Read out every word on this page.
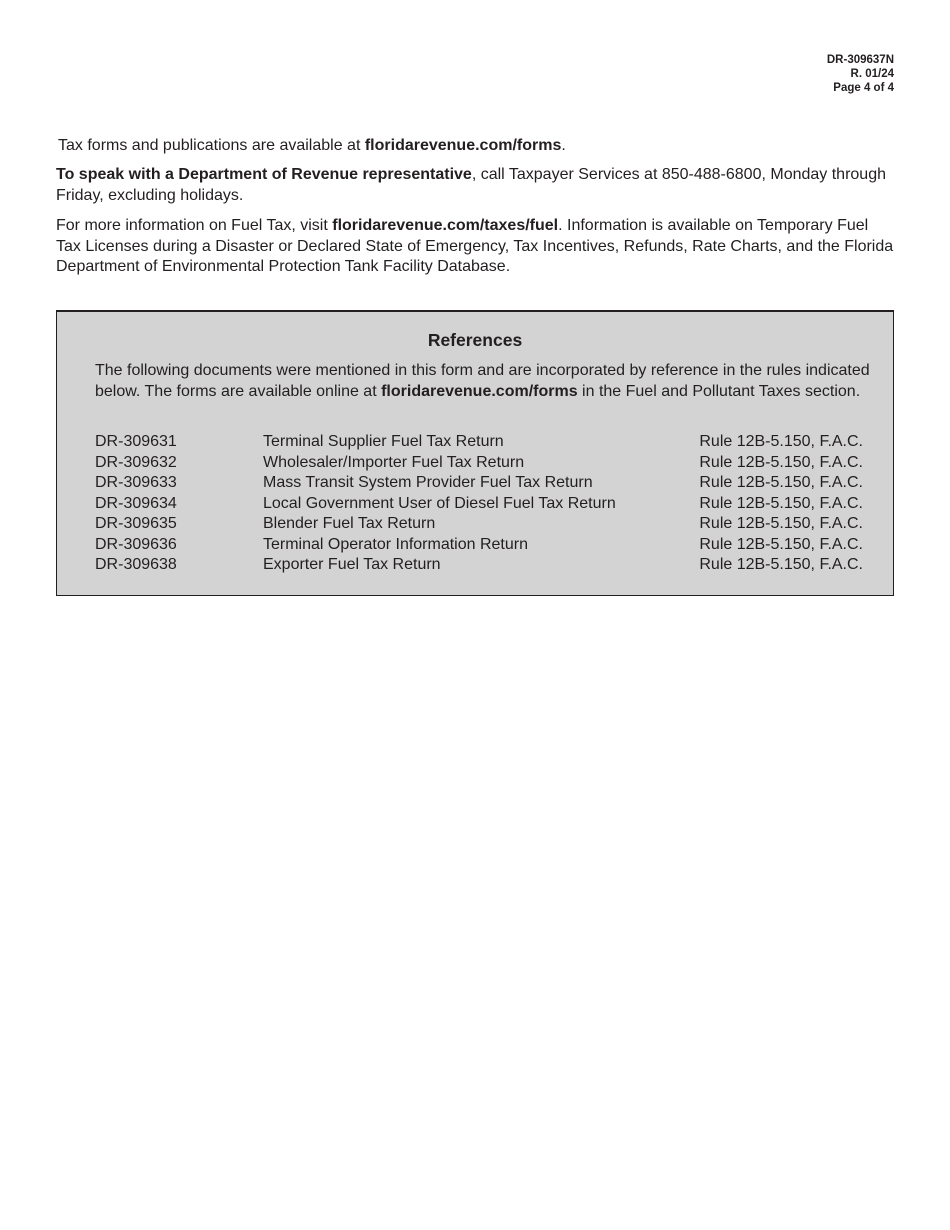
DR-309637N
R. 01/24
Page 4 of 4
Tax forms and publications are available at floridarevenue.com/forms.
To speak with a Department of Revenue representative, call Taxpayer Services at 850-488-6800, Monday through Friday, excluding holidays.
For more information on Fuel Tax, visit floridarevenue.com/taxes/fuel. Information is available on Temporary Fuel Tax Licenses during a Disaster or Declared State of Emergency, Tax Incentives, Refunds, Rate Charts, and the Florida Department of Environmental Protection Tank Facility Database.
References
The following documents were mentioned in this form and are incorporated by reference in the rules indicated below. The forms are available online at floridarevenue.com/forms in the Fuel and Pollutant Taxes section.
DR-309631	Terminal Supplier Fuel Tax Return	Rule 12B-5.150, F.A.C.
DR-309632	Wholesaler/Importer Fuel Tax Return	Rule 12B-5.150, F.A.C.
DR-309633	Mass Transit System Provider Fuel Tax Return	Rule 12B-5.150, F.A.C.
DR-309634	Local Government User of Diesel Fuel Tax Return	Rule 12B-5.150, F.A.C.
DR-309635	Blender Fuel Tax Return	Rule 12B-5.150, F.A.C.
DR-309636	Terminal Operator Information Return	Rule 12B-5.150, F.A.C.
DR-309638	Exporter Fuel Tax Return	Rule 12B-5.150, F.A.C.
